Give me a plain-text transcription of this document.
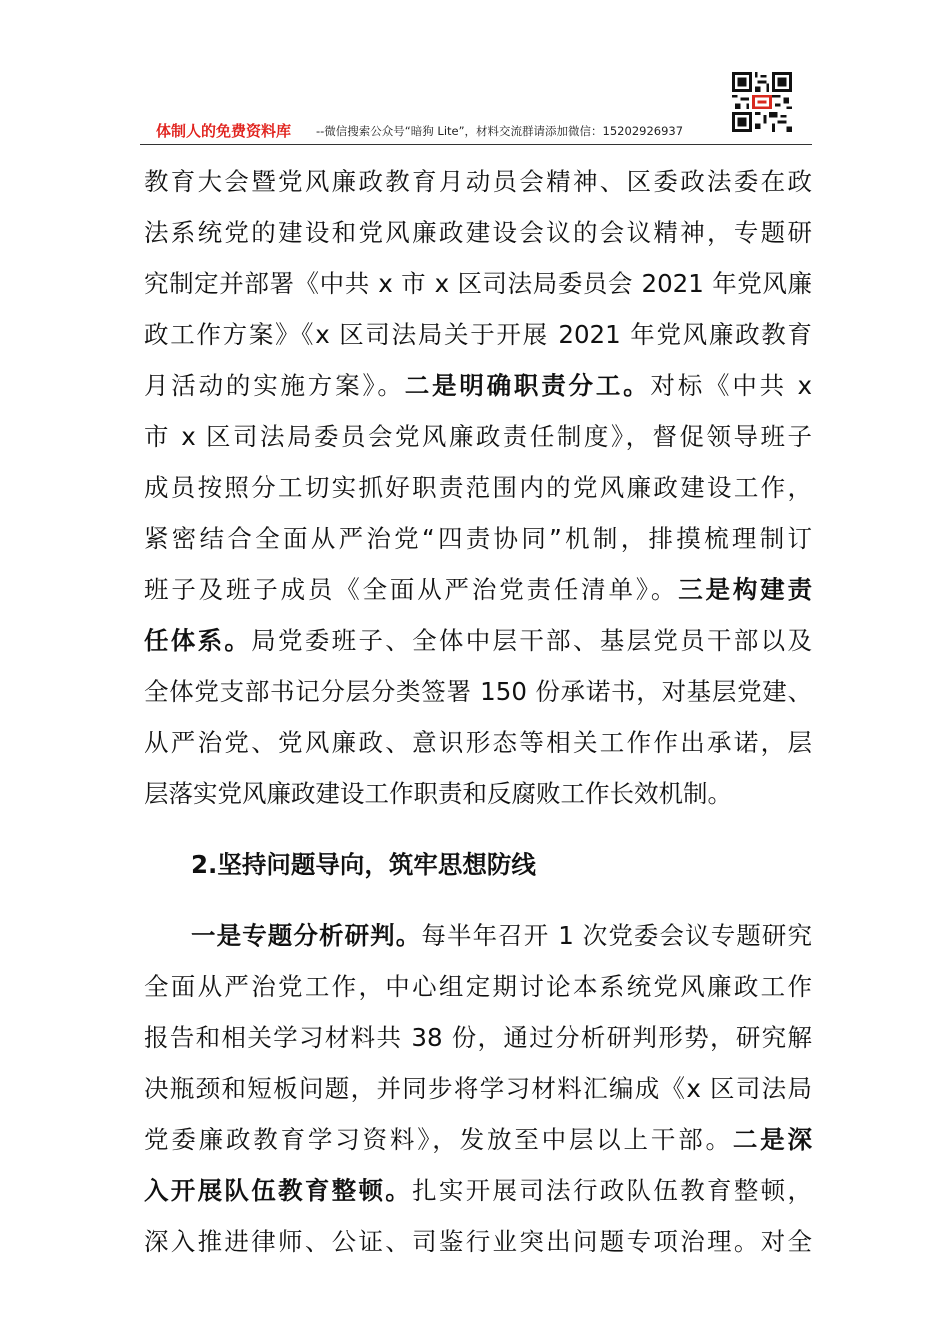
体制人的免费资料库 --微信搜索公众号“暗狗 Lite”，材料交流群请添加微信：15202926937
教育大会暨党风廉政教育月动员会精神、区委政法委在政
法系统党的建设和党风廉政建设会议的会议精神，专题研
究制定并部署《中共 x 市 x 区司法局委员会 2021 年党风廉
政工作方案》《x 区司法局关于开展 2021 年党风廉政教育
月活动的实施方案》。二是明确职责分工。对标《中共 x
市 x 区司法局委员会党风廉政责任制度》，督促领导班子
成员按照分工切实抓好职责范围内的党风廉政建设工作，
紧密结合全面从严治党“四责协同”机制，排摸梳理制订
班子及班子成员《全面从严治党责任清单》。三是构建责
任体系。局党委班子、全体中层干部、基层党员干部以及
全体党支部书记分层分类签署 150 份承诺书，对基层党建、
从严治党、党风廉政、意识形态等相关工作作出承诺，层
层落实党风廉政建设工作职责和反腐败工作长效机制。
2.坚持问题导向，筑牢思想防线
一是专题分析研判。每半年召开 1 次党委会议专题研究
全面从严治党工作，中心组定期讨论本系统党风廉政工作
报告和相关学习材料共 38 份，通过分析研判形势，研究解
决瓶颈和短板问题，并同步将学习材料汇编成《x 区司法局
党委廉政教育学习资料》，发放至中层以上干部。二是深
入开展队伍教育整顿。扎实开展司法行政队伍教育整顿，
深入推进律师、公证、司鉴行业突出问题专项治理。对全
